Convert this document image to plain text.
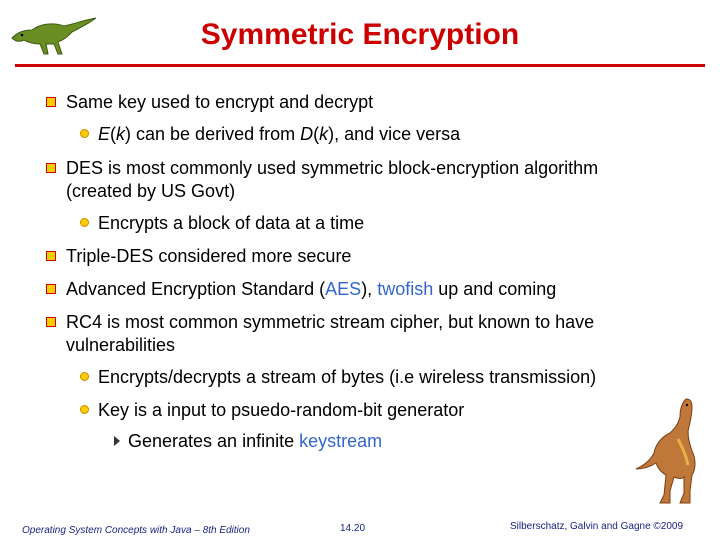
Symmetric Encryption
Same key used to encrypt and decrypt
E(k) can be derived from D(k), and vice versa
DES is most commonly used symmetric block-encryption algorithm
(created by US Govt)
Encrypts a block of data at a time
Triple-DES considered more secure
Advanced Encryption Standard (AES), twofish up and coming
RC4 is most common symmetric stream cipher, but known to have
vulnerabilities
Encrypts/decrypts a stream of bytes (i.e wireless transmission)
Key is a input to psuedo-random-bit generator
Generates an infinite keystream
Operating System Concepts with Java – 8th Edition	14.20	Silberschatz, Galvin and Gagne ©2009
